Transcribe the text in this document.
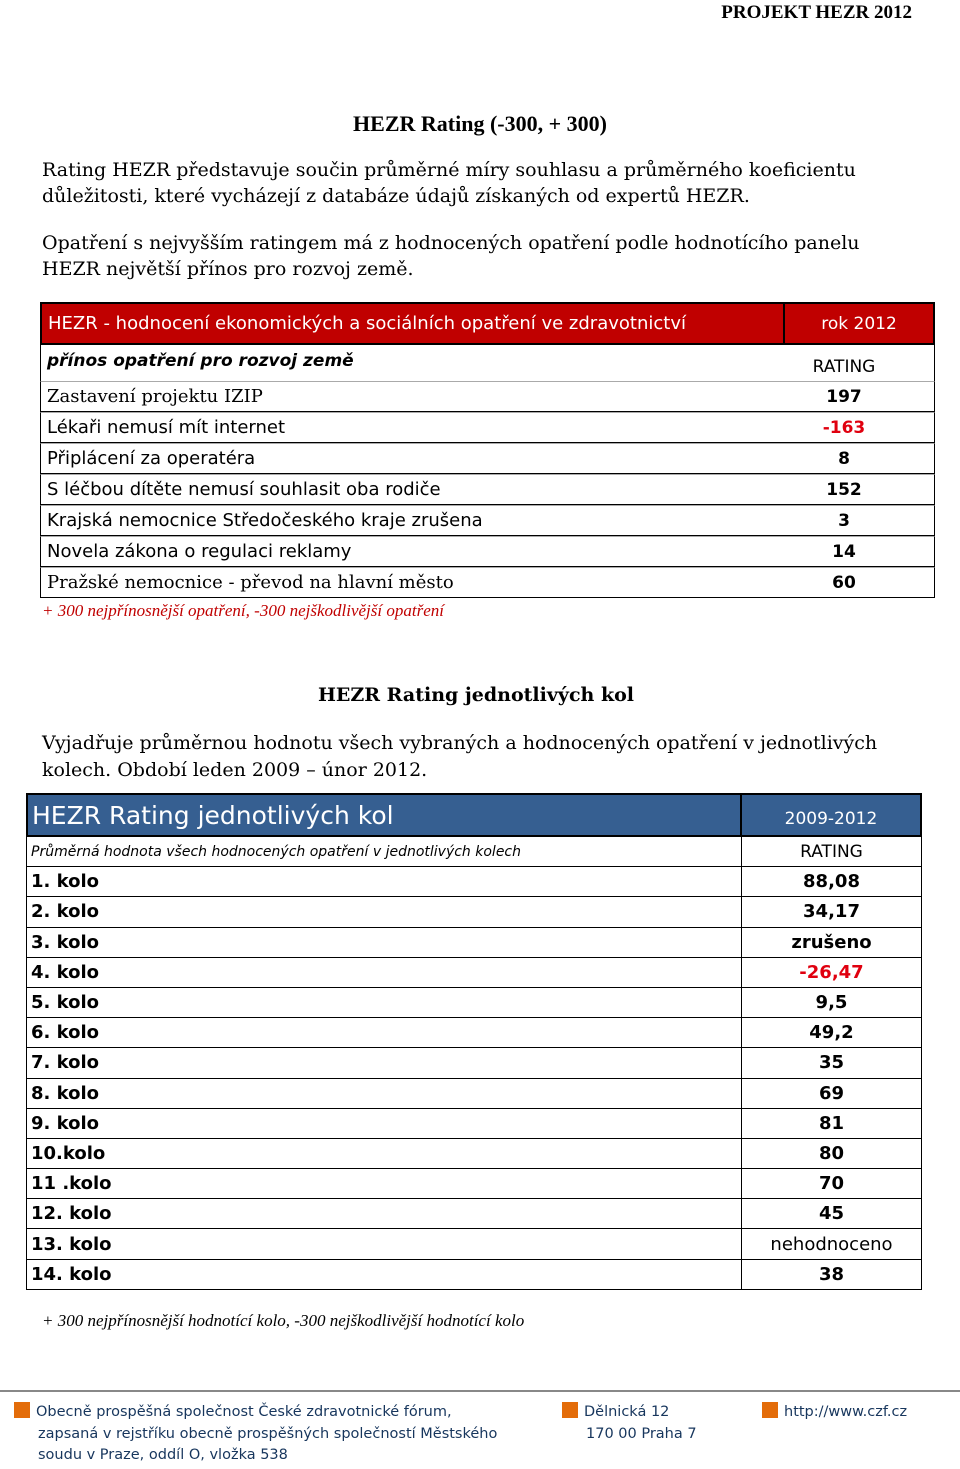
PROJEKT HEZR 2012
HEZR Rating (-300, + 300)
Rating HEZR představuje součin průměrné míry souhlasu a průměrného koeficientu
důležitosti, které vycházejí z databáze údajů získaných od expertů HEZR.
Opatření s nejvyšším ratingem má z hodnocených opatření podle hodnotícího panelu
HEZR největší přínos pro rozvoj země.
HEZR - hodnocení ekonomických a sociálních opatření ve zdravotnictví	rok 2012
přínos opatření pro rozvoj země	RATING
Zastavení projektu IZIP	197
Lékaři nemusí mít internet	-163
Připlácení za operatéra	8
S léčbou dítěte nemusí souhlasit oba rodiče	152
Krajská nemocnice Středočeského kraje zrušena	3
Novela zákona o regulaci reklamy	14
Pražské nemocnice - převod na hlavní město	60
+ 300 nejpřínosnější opatření, -300 nejškodlivější opatření
HEZR Rating jednotlivých kol
Vyjadřuje průměrnou hodnotu všech vybraných a hodnocených opatření v jednotlivých
kolech. Období leden 2009 – únor 2012.
HEZR Rating jednotlivých kol	2009-2012
Průměrná hodnota všech hodnocených opatření v jednotlivých kolech	RATING
1. kolo	88,08
2. kolo	34,17
3. kolo	zrušeno
4. kolo	-26,47
5. kolo	9,5
6. kolo	49,2
7. kolo	35
8. kolo	69
9. kolo	81
10.kolo	80
11 .kolo	70
12. kolo	45
13. kolo	nehodnoceno
14. kolo	38
+ 300 nejpřínosnější hodnotící kolo, -300 nejškodlivější hodnotící kolo
Obecně prospěšná společnost České zdravotnické fórum,
zapsaná v rejstříku obecně prospěšných společností Městského
soudu v Praze, oddíl O, vložka 538
Dělnická 12
170 00 Praha 7
http://www.czf.cz
